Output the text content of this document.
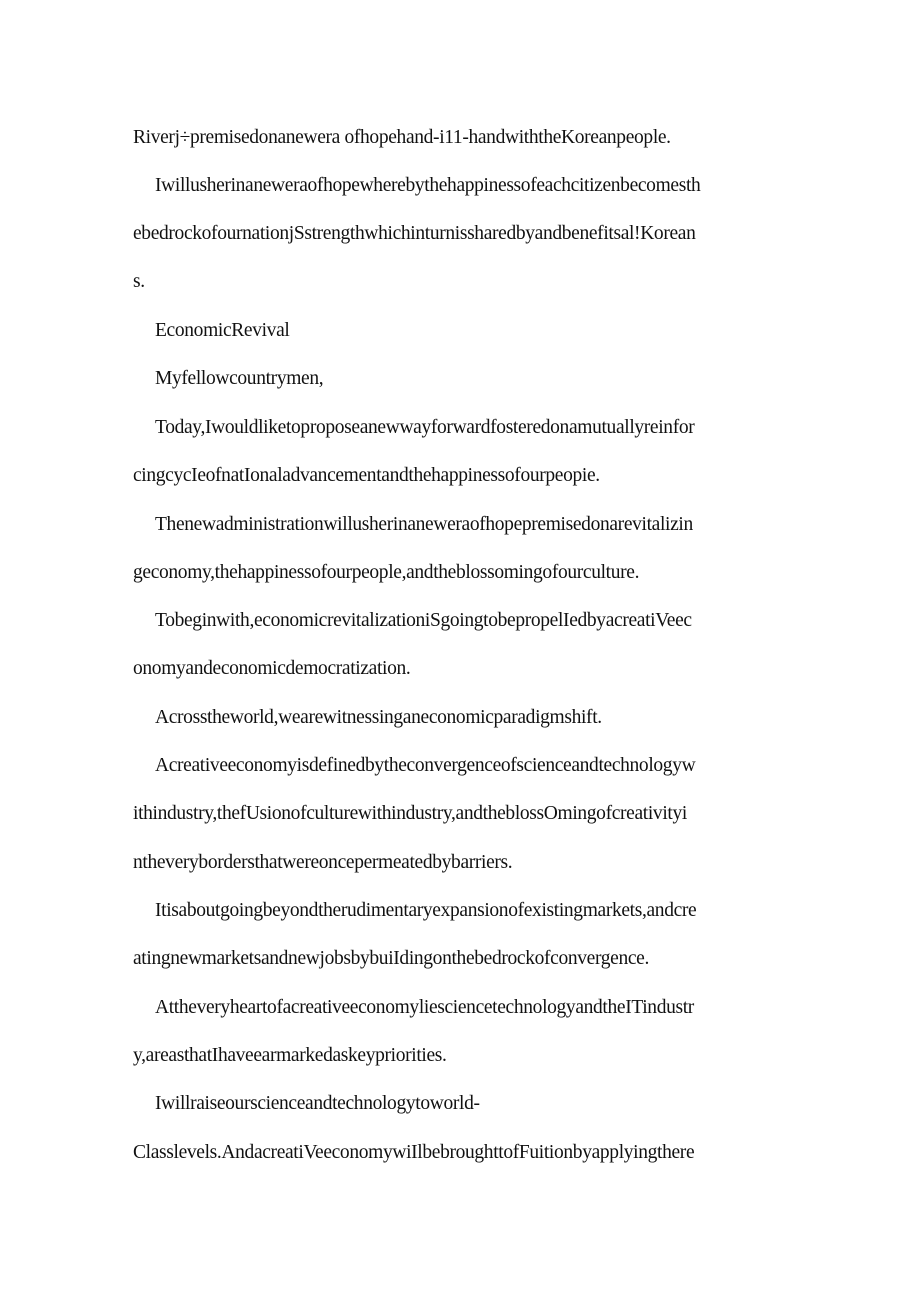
Riverj÷premisedonanewera ofhopehand-i11-handwiththeKoreanpeople.

Iwillusherinaneweraofhopewherebythehappinessofeachcitizenbecomesth

ebedrockofournationjSstrengthwhichinturnissharedbyandbenefitsal!Korean

s.

EconomicRevival

Myfellowcountrymen,

Today,Iwouldliketoproposeanewwayforwardfosteredonamutuallyreinfor

cingcycIeofnatIonaladvancementandthehappinessofourpeopie.

Thenewadministrationwillusherinaneweraofhopepremisedonarevitalizin

geconomy,thehappinessofourpeople,andtheblossomingofourculture.

Tobeginwith,economicrevitalizationiSgoingtobepropelIedbyacreatiVeec

onomyandeconomicdemocratization.

Acrosstheworld,wearewitnessinganeconomicparadigmshift.

Acreativeeconomyisdefinedbytheconvergenceofscienceandtechnologyw

ithindustry,thefUsionofculturewithindustry,andtheblossOmingofcreativityi

ntheverybordersthatwereoncepermeatedbybarriers.

Itisaboutgoingbeyondtherudimentaryexpansionofexistingmarkets,andcre

atingnewmarketsandnewjobsbybuiIdingonthebedrockofconvergence.

AttheveryheartofacreativeeconomyliesciencetechnologyandtheITindustr

y,areasthatIhaveearmarkedaskeypriorities.

Iwillraiseourscienceandtechnologytoworld-

Classlevels.AndacreatiVeeconomywiIlbebroughttofFuitionbyapplyingthere
